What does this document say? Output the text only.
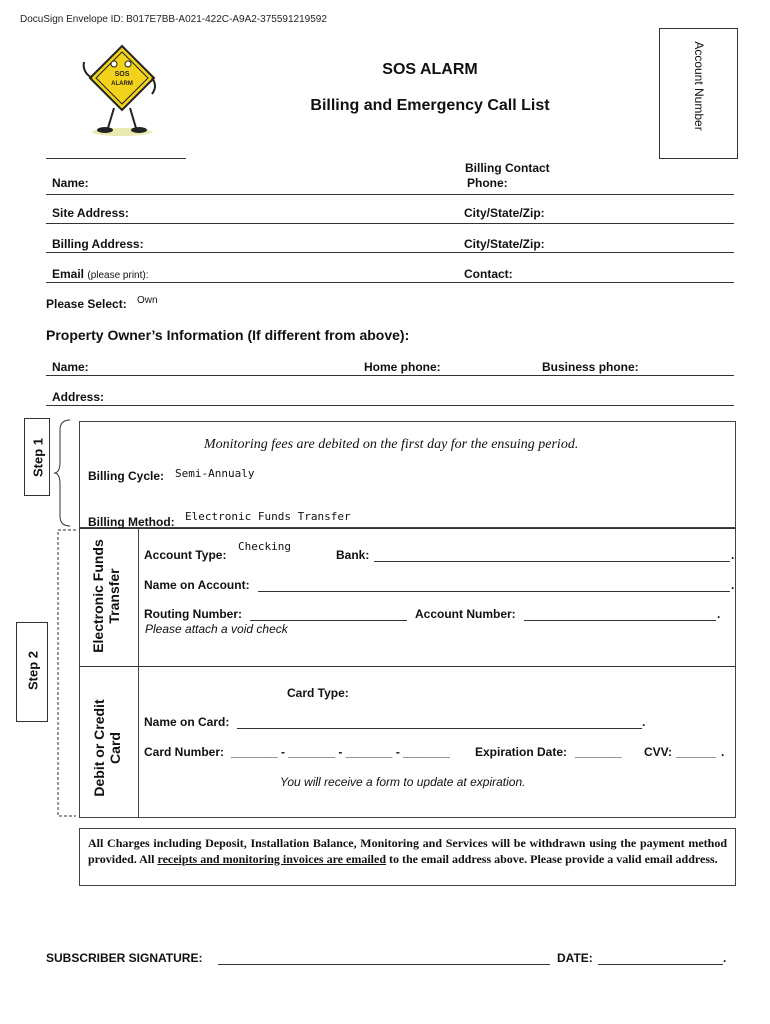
DocuSign Envelope ID: B017E7BB-A021-422C-A9A2-375591219592
SOS
ALARM
SOS ALARM
Billing and Emergency Call List	Account Number
Name:
Billing Contact
Phone:
Site Address:	City/State/Zip:
Billing Address:	City/State/Zip:
Email (please print):	Contact:
Please Select: Own
Property Owner’s Information (If different from above):
Name:	Home phone:	Business phone:
Address:
Step 1	Monitoring fees are debited on the first day for the ensuing period.
Billing Cycle: Semi-Annualy
Billing Method: Electronic Funds Transfer
Step 2
Electronic Funds Transfer
Account Type:
Checking
Bank:	.
Name on Account:	.
Routing Number:	Account Number:	.
Please attach a void check
Debit or Credit Card
Card Type:
Name on Card:	.
Card Number: _______ - _______ - _______ - _______ Expiration Date: _______ CVV: ______ .
You will receive a form to update at expiration.
All Charges including Deposit, Installation Balance, Monitoring and Services will be withdrawn using the payment method provided. All receipts and monitoring invoices are emailed to the email address above. Please provide a valid email address.
SUBSCRIBER SIGNATURE:	DATE:	.
